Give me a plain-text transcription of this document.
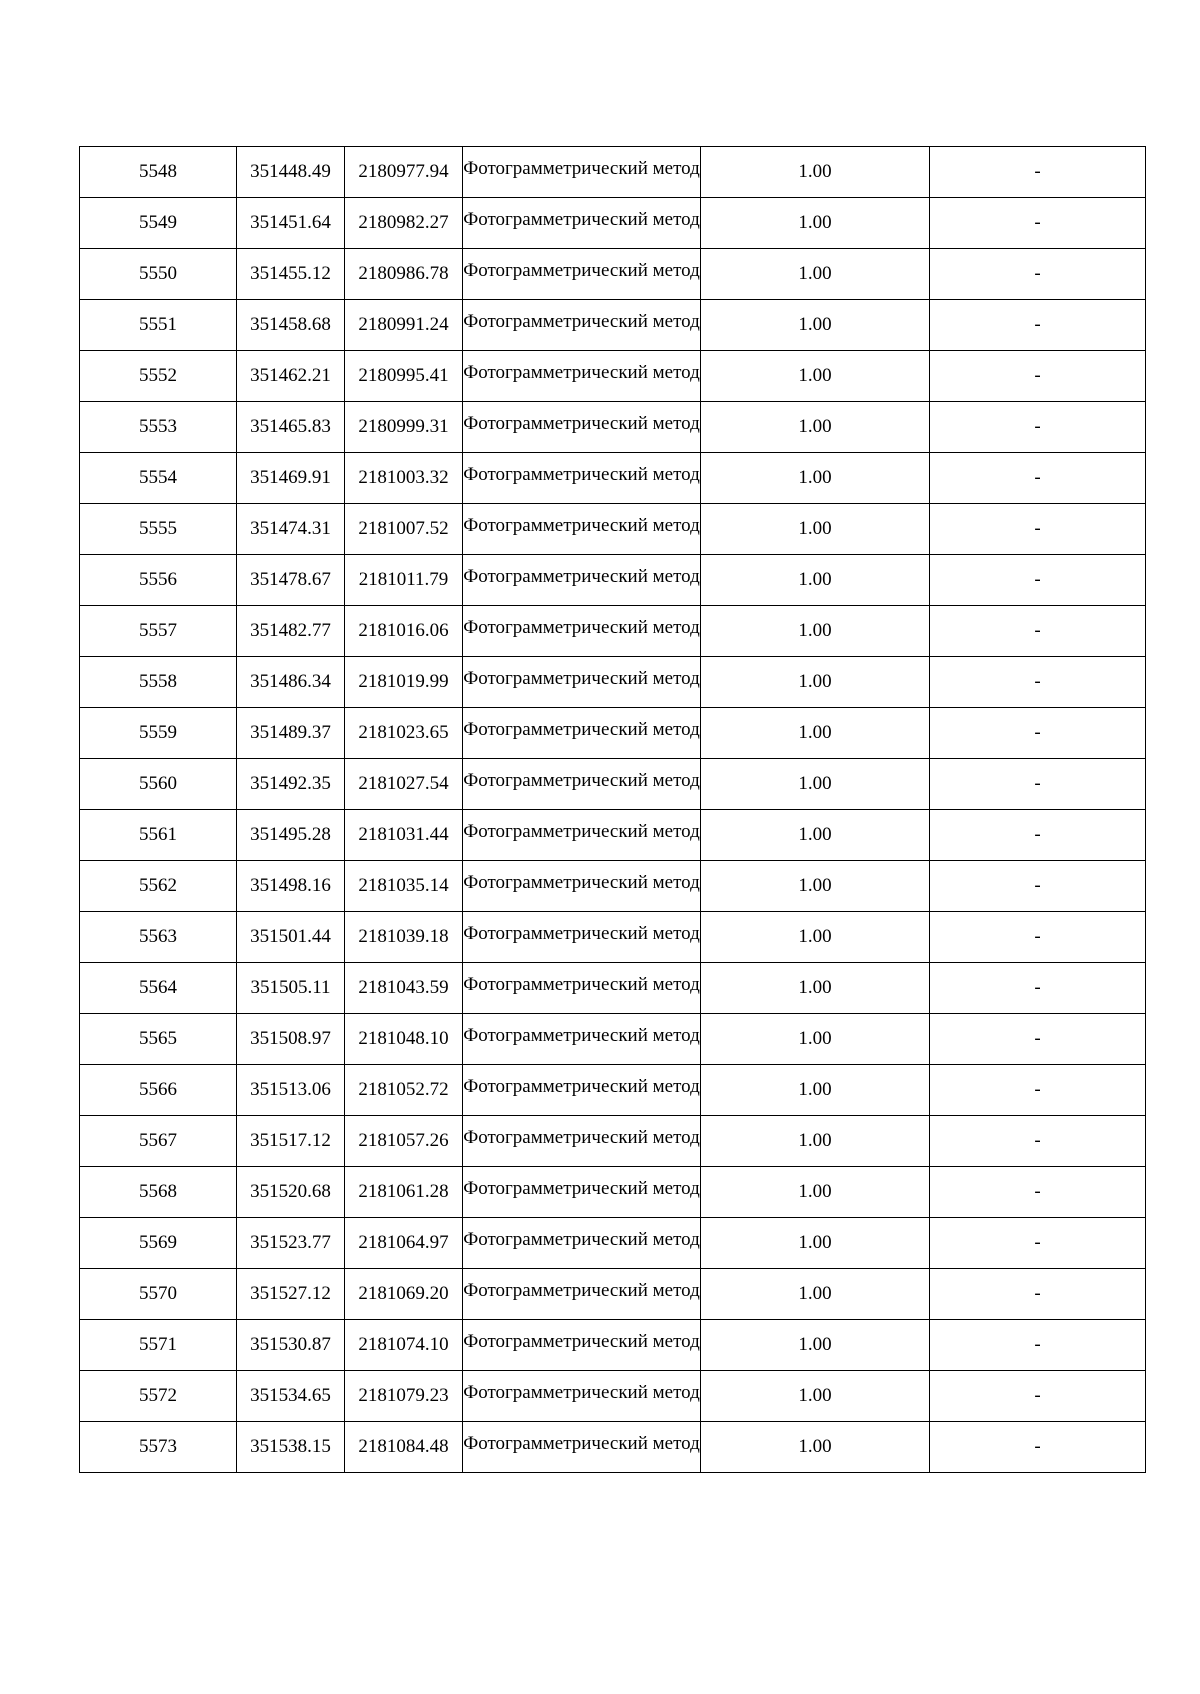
5548	351448.49	2180977.94	Фотограмметрический метод	1.00	-
5549	351451.64	2180982.27	Фотограмметрический метод	1.00	-
5550	351455.12	2180986.78	Фотограмметрический метод	1.00	-
5551	351458.68	2180991.24	Фотограмметрический метод	1.00	-
5552	351462.21	2180995.41	Фотограмметрический метод	1.00	-
5553	351465.83	2180999.31	Фотограмметрический метод	1.00	-
5554	351469.91	2181003.32	Фотограмметрический метод	1.00	-
5555	351474.31	2181007.52	Фотограмметрический метод	1.00	-
5556	351478.67	2181011.79	Фотограмметрический метод	1.00	-
5557	351482.77	2181016.06	Фотограмметрический метод	1.00	-
5558	351486.34	2181019.99	Фотограмметрический метод	1.00	-
5559	351489.37	2181023.65	Фотограмметрический метод	1.00	-
5560	351492.35	2181027.54	Фотограмметрический метод	1.00	-
5561	351495.28	2181031.44	Фотограмметрический метод	1.00	-
5562	351498.16	2181035.14	Фотограмметрический метод	1.00	-
5563	351501.44	2181039.18	Фотограмметрический метод	1.00	-
5564	351505.11	2181043.59	Фотограмметрический метод	1.00	-
5565	351508.97	2181048.10	Фотограмметрический метод	1.00	-
5566	351513.06	2181052.72	Фотограмметрический метод	1.00	-
5567	351517.12	2181057.26	Фотограмметрический метод	1.00	-
5568	351520.68	2181061.28	Фотограмметрический метод	1.00	-
5569	351523.77	2181064.97	Фотограмметрический метод	1.00	-
5570	351527.12	2181069.20	Фотограмметрический метод	1.00	-
5571	351530.87	2181074.10	Фотограмметрический метод	1.00	-
5572	351534.65	2181079.23	Фотограмметрический метод	1.00	-
5573	351538.15	2181084.48	Фотограмметрический метод	1.00	-
